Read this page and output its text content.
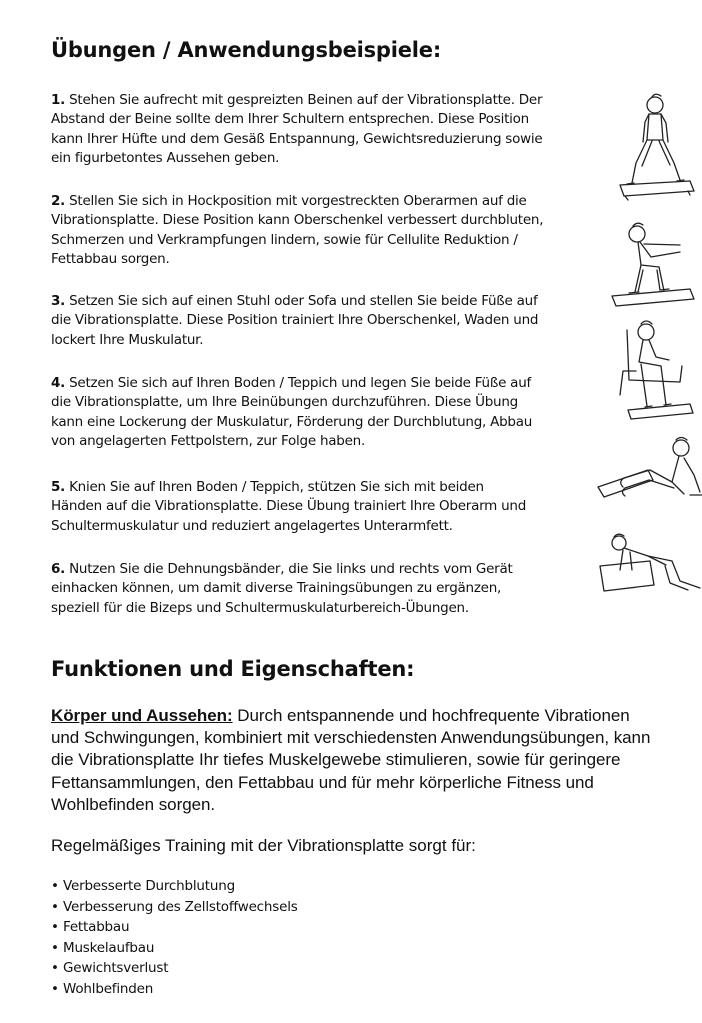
Übungen / Anwendungsbeispiele:

1. Stehen Sie aufrecht mit gespreizten Beinen auf der Vibrationsplatte. Der
Abstand der Beine sollte dem Ihrer Schultern entsprechen. Diese Position
kann Ihrer Hüfte und dem Gesäß Entspannung, Gewichtsreduzierung sowie
ein figurbetontes Aussehen geben.

2. Stellen Sie sich in Hockposition mit vorgestreckten Oberarmen auf die
Vibrationsplatte. Diese Position kann Oberschenkel verbessert durchbluten,
Schmerzen und Verkrampfungen lindern, sowie für Cellulite Reduktion /
Fettabbau sorgen.

3. Setzen Sie sich auf einen Stuhl oder Sofa und stellen Sie beide Füße auf
die Vibrationsplatte. Diese Position trainiert Ihre Oberschenkel, Waden und
lockert Ihre Muskulatur.

4. Setzen Sie sich auf Ihren Boden / Teppich und legen Sie beide Füße auf
die Vibrationsplatte, um Ihre Beinübungen durchzuführen. Diese Übung
kann eine Lockerung der Muskulatur, Förderung der Durchblutung, Abbau
von angelagerten Fettpolstern, zur Folge haben.

5. Knien Sie auf Ihren Boden / Teppich, stützen Sie sich mit beiden
Händen auf die Vibrationsplatte. Diese Übung trainiert Ihre Oberarm und
Schultermuskulatur und reduziert angelagertes Unterarmfett.

6. Nutzen Sie die Dehnungsbänder, die Sie links und rechts vom Gerät
einhacken können, um damit diverse Trainingsübungen zu ergänzen,
speziell für die Bizeps und Schultermuskulaturbereich-Übungen.

Funktionen und Eigenschaften:

Körper und Aussehen: Durch entspannende und hochfrequente Vibrationen
und Schwingungen, kombiniert mit verschiedensten Anwendungsübungen, kann
die Vibrationsplatte Ihr tiefes Muskelgewebe stimulieren, sowie für geringere
Fettansammlungen, den Fettabbau und für mehr körperliche Fitness und
Wohlbefinden sorgen.

Regelmäßiges Training mit der Vibrationsplatte sorgt für:

• Verbesserte Durchblutung
• Verbesserung des Zellstoffwechsels
• Fettabbau
• Muskelaufbau
• Gewichtsverlust
• Wohlbefinden
